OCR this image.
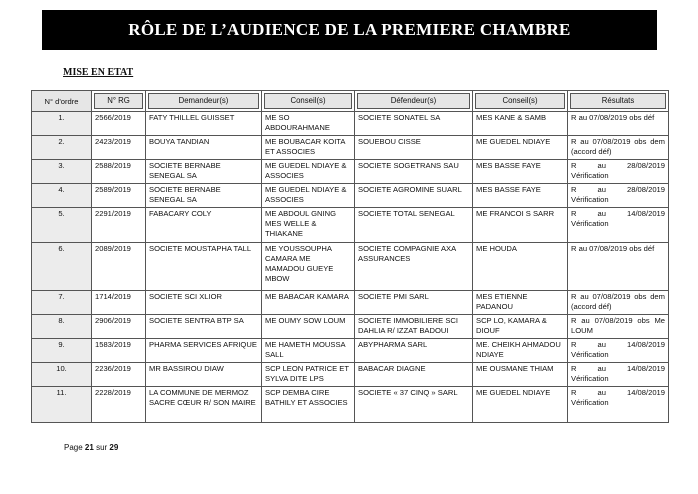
RÔLE DE L’AUDIENCE DE LA PREMIERE CHAMBRE
MISE EN ETAT
N° d'ordre	N° RG	Demandeur(s)	Conseil(s)	Défendeur(s)	Conseil(s)	Résultats

1.	2566/2019	FATY THILLEL GUISSET	ME SO ABDOURAHMANE	SOCIETE SONATEL SA	MES KANE & SAMB	R au 07/08/2019 obs déf
2.	2423/2019	BOUYA TANDIAN	ME BOUBACAR KOITA ET ASSOCIES	SOUEBOU CISSE	ME GUEDEL NDIAYE	R au 07/08/2019 obs dem (accord déf)
3.	2588/2019	SOCIETE BERNABE SENEGAL SA	ME GUEDEL NDIAYE & ASSOCIES	SOCIETE SOGETRANS SAU	MES BASSE FAYE	R au 28/08/2019 Vérification
4.	2589/2019	SOCIETE BERNABE SENEGAL SA	ME GUEDEL NDIAYE & ASSOCIES	SOCIETE AGROMINE SUARL	MES BASSE FAYE	R au 28/08/2019 Vérification
5.	2291/2019	FABACARY COLY	ME ABDOUL GNING MES WELLE & THIAKANE	SOCIETE TOTAL SENEGAL	ME FRANCOI S SARR	R au 14/08/2019 Vérification
6.	2089/2019	SOCIETE MOUSTAPHA TALL	ME YOUSSOUPHA CAMARA ME MAMADOU GUEYE MBOW	SOCIETE COMPAGNIE AXA ASSURANCES	ME HOUDA	R au 07/08/2019 obs déf
7.	1714/2019	SOCIETE SCI XLIOR	ME BABACAR KAMARA	SOCIETE PMI SARL	MES ETIENNE PADANOU	R au 07/08/2019 obs dem (accord déf)
8.	2906/2019	SOCIETE SENTRA BTP SA	ME OUMY SOW LOUM	SOCIETE IMMOBILIERE SCI DAHLIA R/ IZZAT BADOUI	SCP LO, KAMARA & DIOUF	R au 07/08/2019 obs Me LOUM
9.	1583/2019	PHARMA SERVICES AFRIQUE	ME HAMETH MOUSSA SALL	ABYPHARMA SARL	ME. CHEIKH AHMADOU NDIAYE	R au 14/08/2019 Vérification
10.	2236/2019	MR BASSIROU DIAW	SCP LEON PATRICE ET SYLVA DITE LPS	BABACAR DIAGNE	ME OUSMANE THIAM	R au 14/08/2019 Vérification
11.	2228/2019	LA COMMUNE DE MERMOZ SACRE CŒUR R/ SON MAIRE	SCP DEMBA CIRE BATHILY ET ASSOCIES	SOCIETE « 37 CINQ » SARL	ME GUEDEL NDIAYE	R au 14/08/2019 Vérification
Page 21 sur 29
